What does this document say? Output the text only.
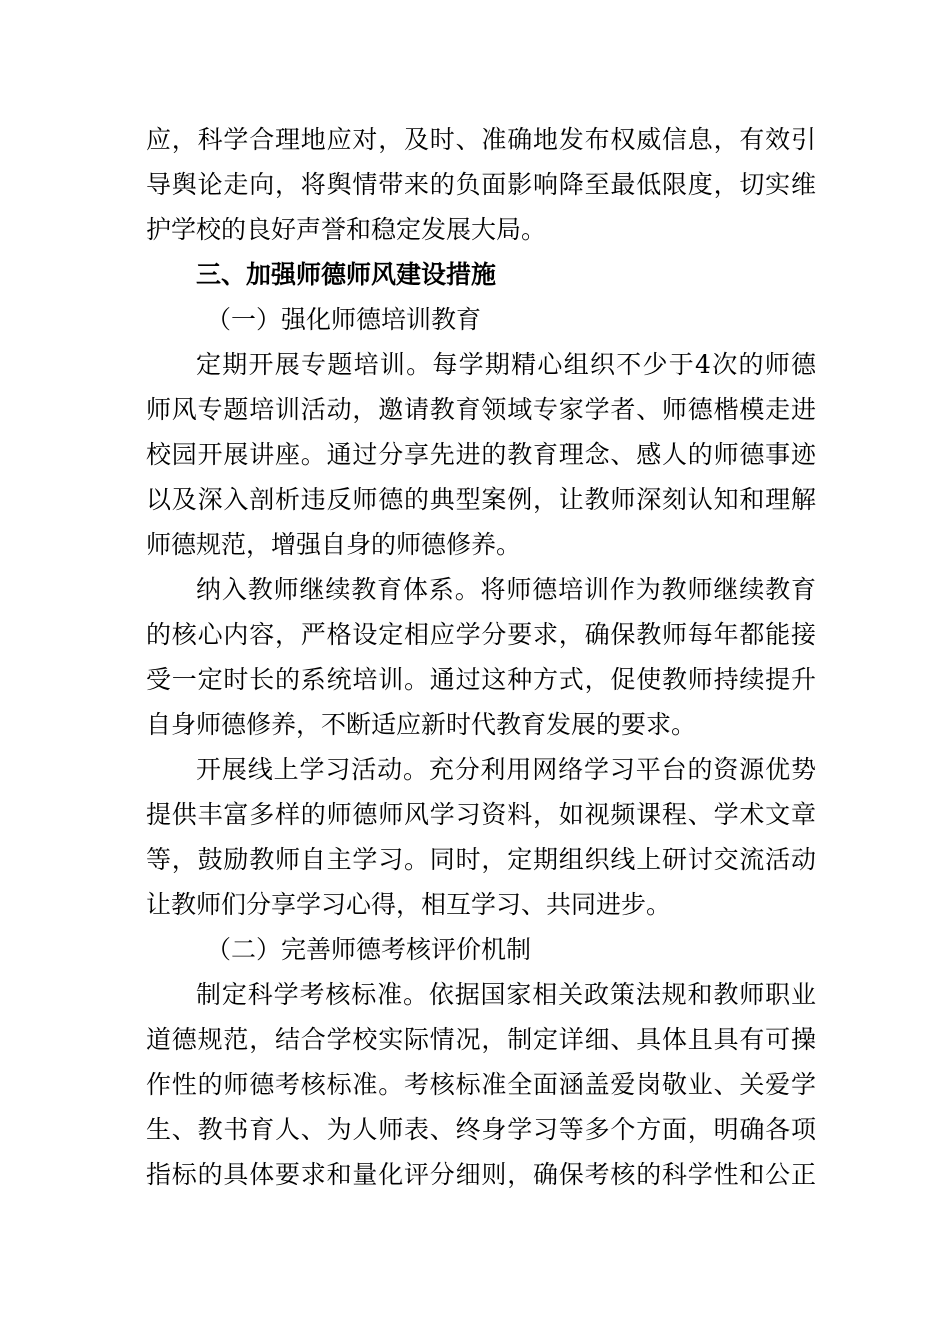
应，科学合理地应对，及时、准确地发布权威信息，有效引
导舆论走向，将舆情带来的负面影响降至最低限度，切实维
护学校的良好声誉和稳定发展大局。
三、加强师德师风建设措施
（一）强化师德培训教育
定期开展专题培训。每学期精心组织不少于4次的师德
师风专题培训活动，邀请教育领域专家学者、师德楷模走进
校园开展讲座。通过分享先进的教育理念、感人的师德事迹
以及深入剖析违反师德的典型案例，让教师深刻认知和理解
师德规范，增强自身的师德修养。
纳入教师继续教育体系。将师德培训作为教师继续教育
的核心内容，严格设定相应学分要求，确保教师每年都能接
受一定时长的系统培训。通过这种方式，促使教师持续提升
自身师德修养，不断适应新时代教育发展的要求。
开展线上学习活动。充分利用网络学习平台的资源优势
提供丰富多样的师德师风学习资料，如视频课程、学术文章
等，鼓励教师自主学习。同时，定期组织线上研讨交流活动
让教师们分享学习心得，相互学习、共同进步。
（二）完善师德考核评价机制
制定科学考核标准。依据国家相关政策法规和教师职业
道德规范，结合学校实际情况，制定详细、具体且具有可操
作性的师德考核标准。考核标准全面涵盖爱岗敬业、关爱学
生、教书育人、为人师表、终身学习等多个方面，明确各项
指标的具体要求和量化评分细则，确保考核的科学性和公正
